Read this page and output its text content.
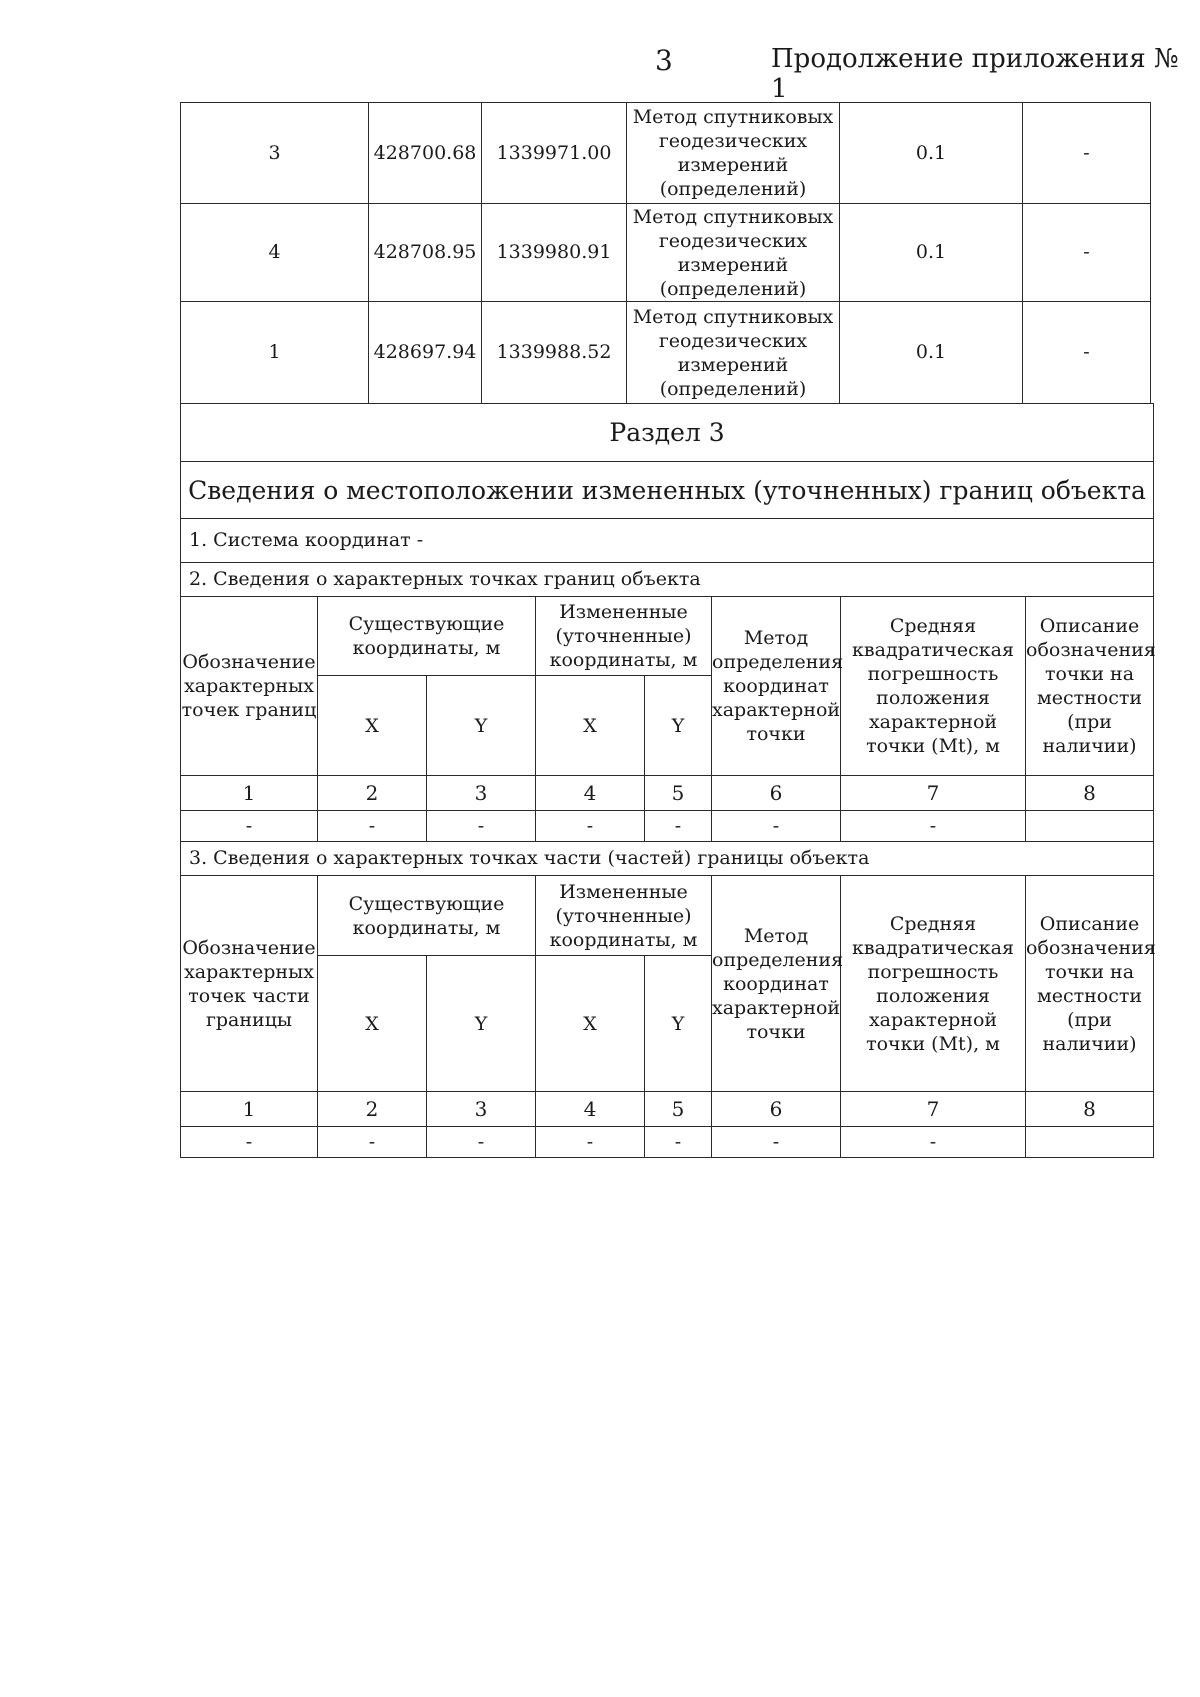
3	Продолжение приложения № 1
3	428700.68	1339971.00	Метод спутниковых геодезических измерений (определений)	0.1	-
4	428708.95	1339980.91	Метод спутниковых геодезических измерений (определений)	0.1	-
1	428697.94	1339988.52	Метод спутниковых геодезических измерений (определений)	0.1	-
Раздел 3							
Сведения о местоположении измененных (уточненных) границ объекта							
1. Система координат -							
2. Сведения о характерных точках границ объекта							
Обозначение характерных точек границ	Существующие координаты, м		Измененные (уточненные) координаты, м		Метод определения координат характерной точки	Средняя квадратическая погрешность положения характерной точки (Mt), м	Описание обозначения точки на местности (при наличии)
	X	Y	X	Y			
1	2	3	4	5	6	7	8
-	-	-	-	-	-	-	
3. Сведения о характерных точках части (частей) границы объекта							
Обозначение характерных точек части границы	Существующие координаты, м		Измененные (уточненные) координаты, м		Метод определения координат характерной точки	Средняя квадратическая погрешность положения характерной точки (Mt), м	Описание обозначения точки на местности (при наличии)
	X	Y	X	Y			
1	2	3	4	5	6	7	8
-	-	-	-	-	-	-	
